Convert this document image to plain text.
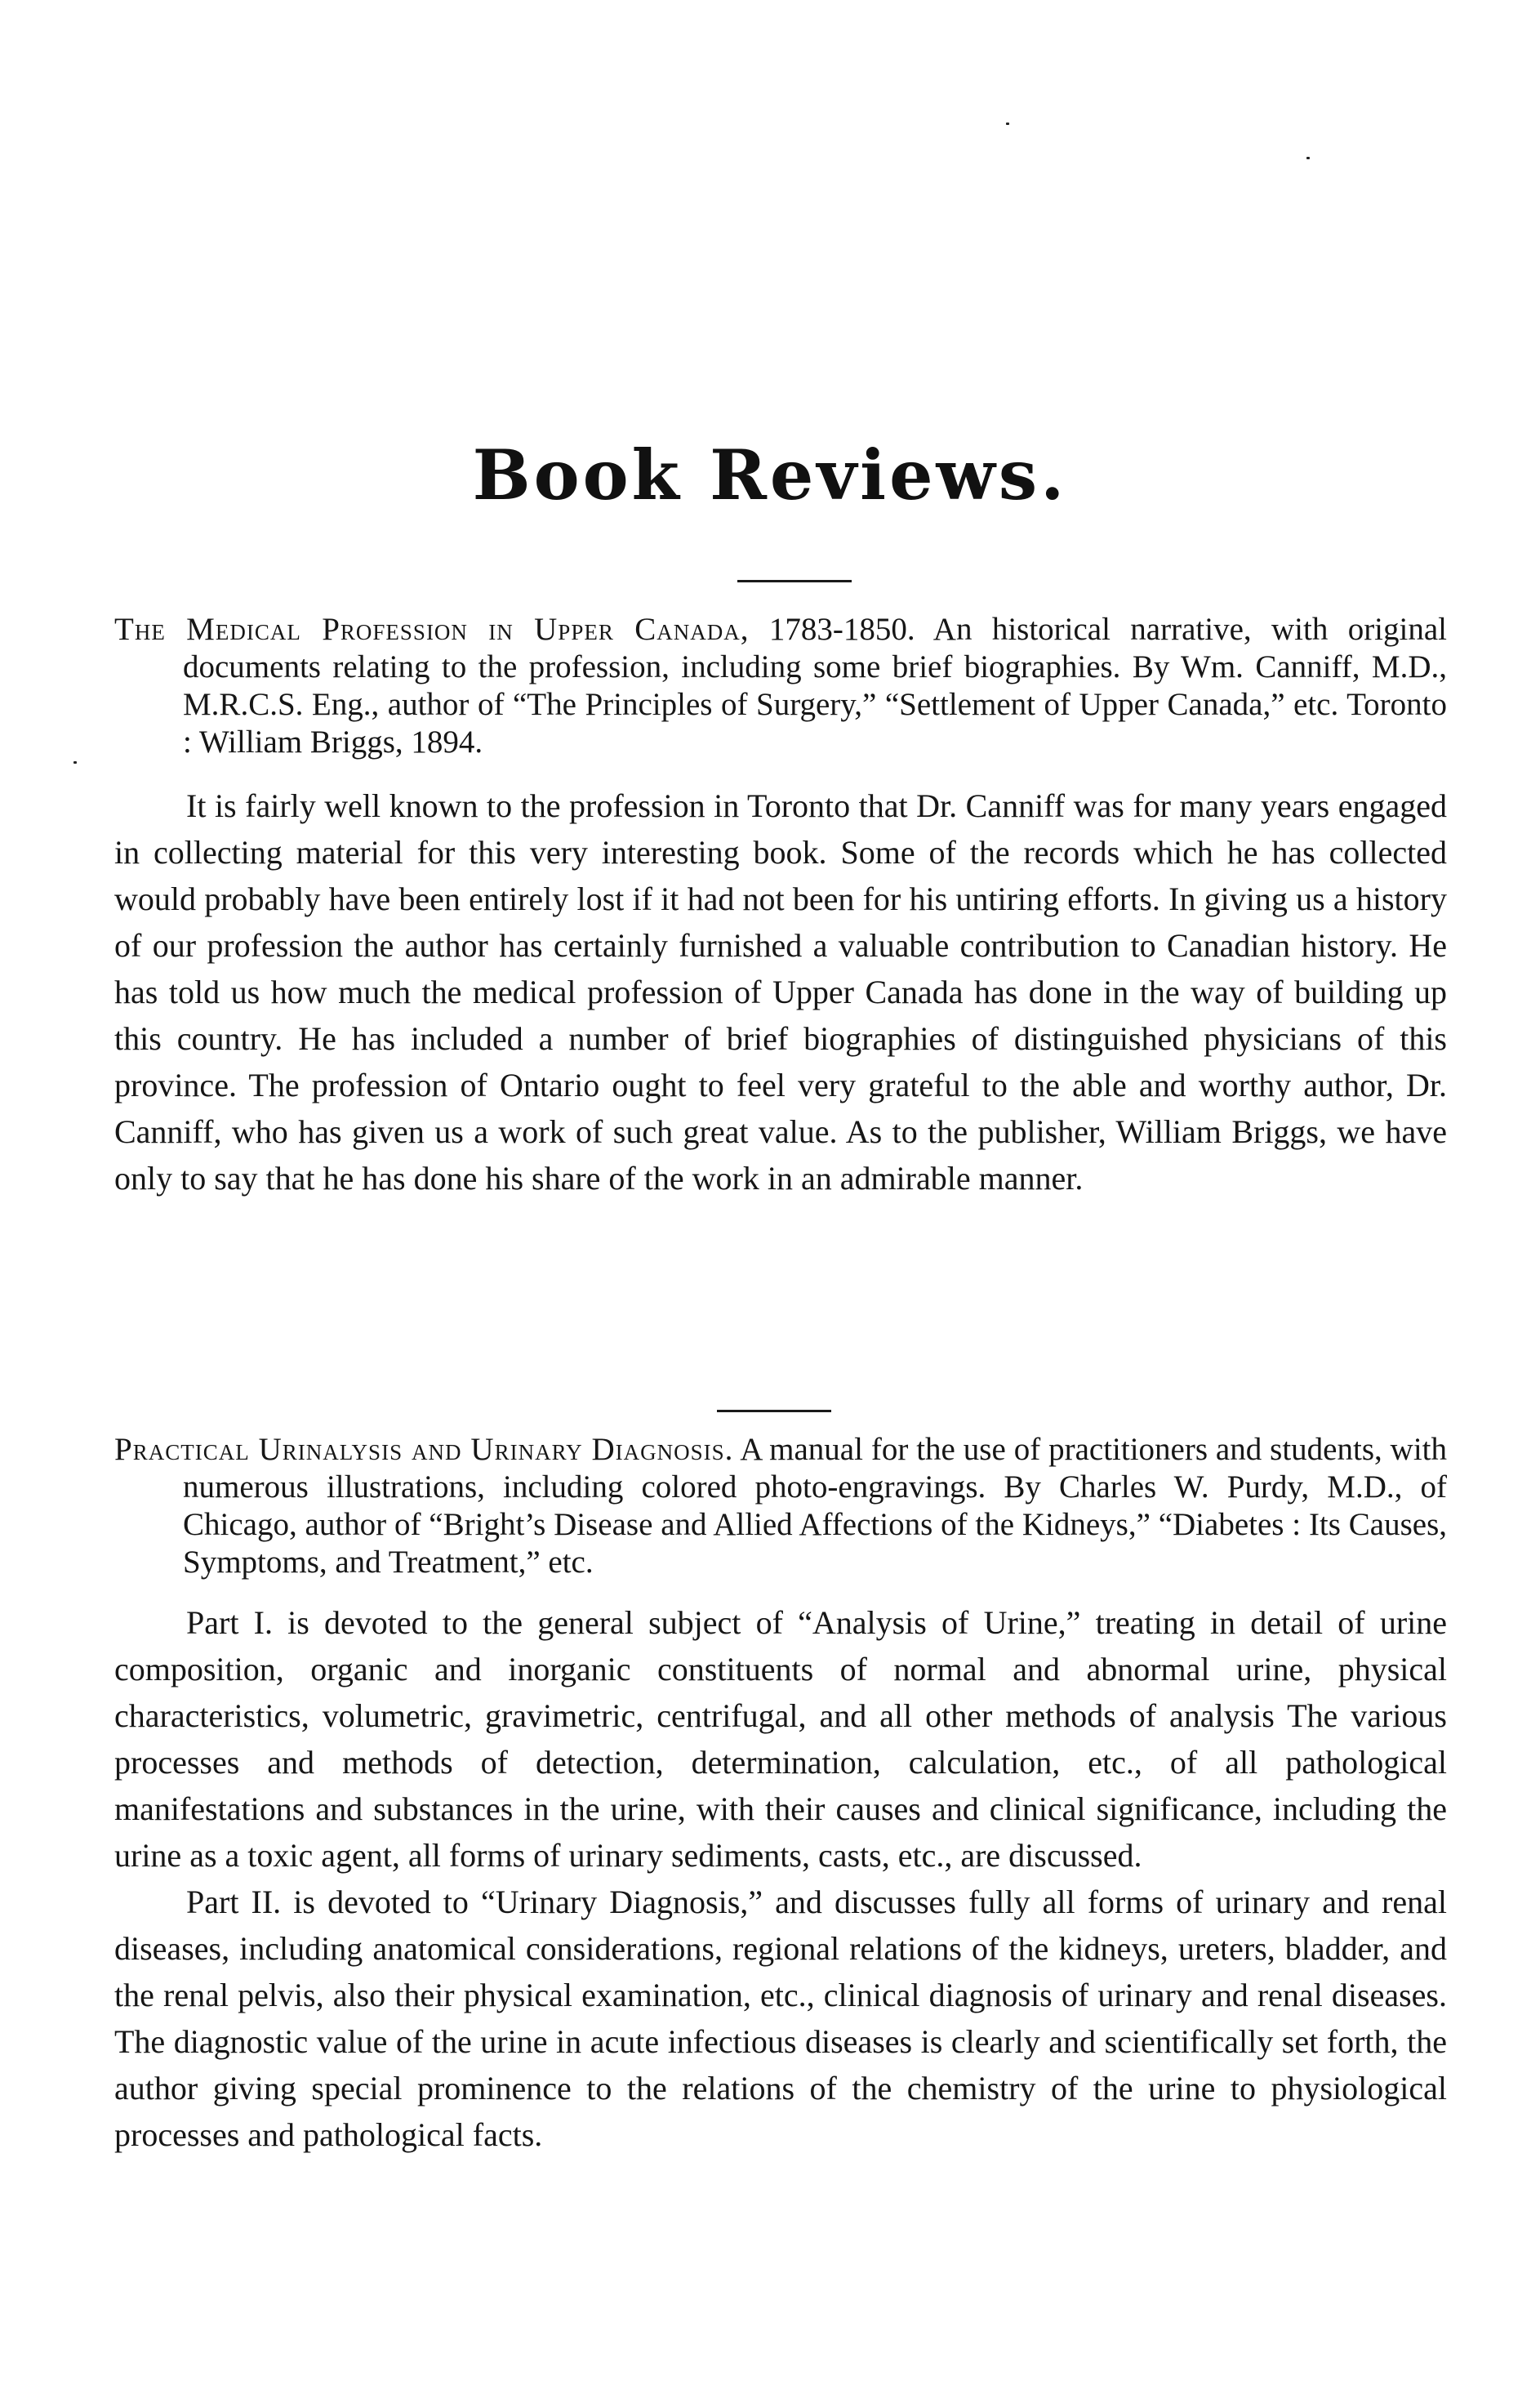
Book Reviews.

The Medical Profession in Upper Canada, 1783-1850. An historical narrative, with original documents relating to the profession, including some brief biographies. By Wm. Canniff, M.D., M.R.C.S. Eng., author of “The Principles of Surgery,” “Settlement of Upper Canada,” etc. Toronto : William Briggs, 1894.

It is fairly well known to the profession in Toronto that Dr. Canniff was for many years engaged in collecting material for this very interesting book. Some of the records which he has collected would probably have been entirely lost if it had not been for his untiring efforts. In giving us a history of our profession the author has certainly furnished a valuable contribution to Canadian history. He has told us how much the medical profession of Upper Canada has done in the way of building up this country. He has included a number of brief biographies of distinguished physicians of this province. The profession of Ontario ought to feel very grateful to the able and worthy author, Dr. Canniff, who has given us a work of such great value. As to the publisher, William Briggs, we have only to say that he has done his share of the work in an admirable manner.

Practical Urinalysis and Urinary Diagnosis. A manual for the use of practitioners and students, with numerous illustrations, including colored photo-engravings. By Charles W. Purdy, M.D., of Chicago, author of “Bright’s Disease and Allied Affections of the Kidneys,” “Diabetes : Its Causes, Symptoms, and Treatment,” etc.

Part I. is devoted to the general subject of “Analysis of Urine,” treating in detail of urine composition, organic and inorganic constituents of normal and abnormal urine, physical characteristics, volumetric, gravimetric, centrifugal, and all other methods of analysis The various processes and methods of detection, determination, calculation, etc., of all pathological manifestations and substances in the urine, with their causes and clinical significance, including the urine as a toxic agent, all forms of urinary sediments, casts, etc., are discussed.

Part II. is devoted to “Urinary Diagnosis,” and discusses fully all forms of urinary and renal diseases, including anatomical considerations, regional relations of the kidneys, ureters, bladder, and the renal pelvis, also their physical examination, etc., clinical diagnosis of urinary and renal diseases. The diagnostic value of the urine in acute infectious diseases is clearly and scientifically set forth, the author giving special prominence to the relations of the chemistry of the urine to physiological processes and pathological facts.
